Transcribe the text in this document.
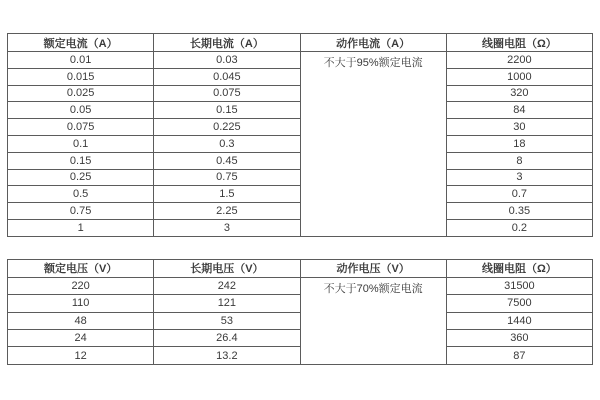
额定电流（A）	长期电流（A）	动作电流（A）	线圈电阻（Ω）
0.01	0.03	不大于95%额定电流	2200
0.015	0.045		1000
0.025	0.075		320
0.05	0.15		84
0.075	0.225		30
0.1	0.3		18
0.15	0.45		8
0.25	0.75		3
0.5	1.5		0.7
0.75	2.25		0.35
1	3		0.2
额定电压（V）	长期电压（V）	动作电压（V）	线圈电阻（Ω）
220	242	不大于70%额定电流	31500
110	121		7500
48	53		1440
24	26.4		360
12	13.2		87
